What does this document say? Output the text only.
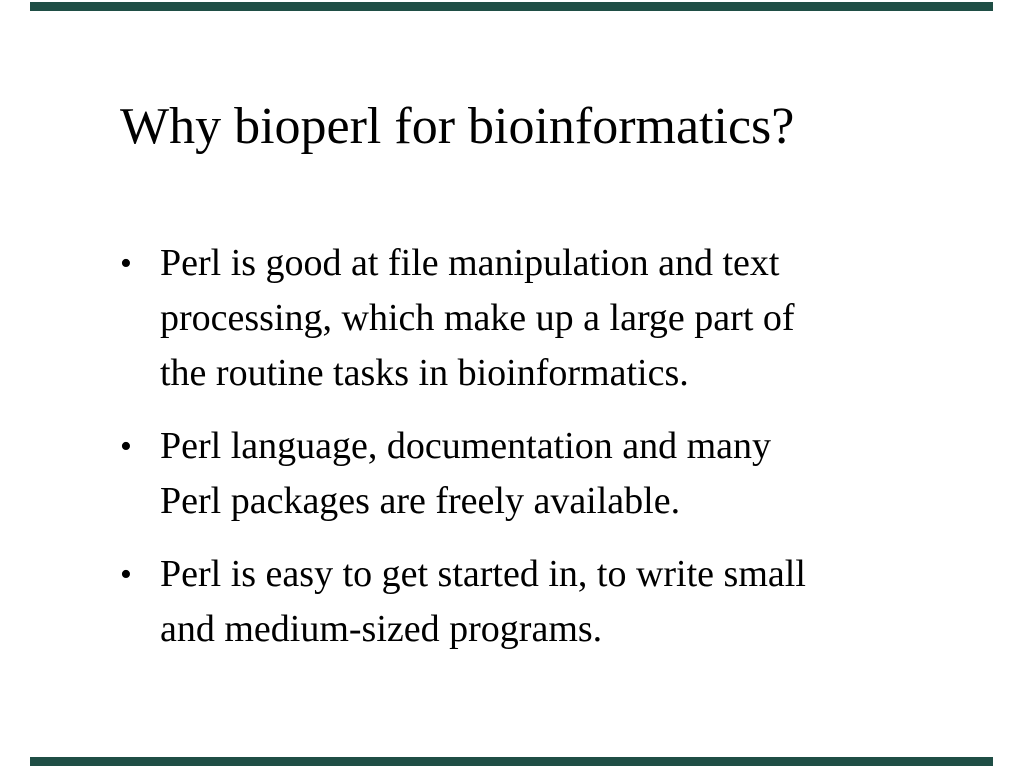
Why bioperl for bioinformatics?
• Perl is good at file manipulation and text
processing, which make up a large part of
the routine tasks in bioinformatics.
• Perl language, documentation and many
Perl packages are freely available.
• Perl is easy to get started in, to write small
and medium-sized programs.
